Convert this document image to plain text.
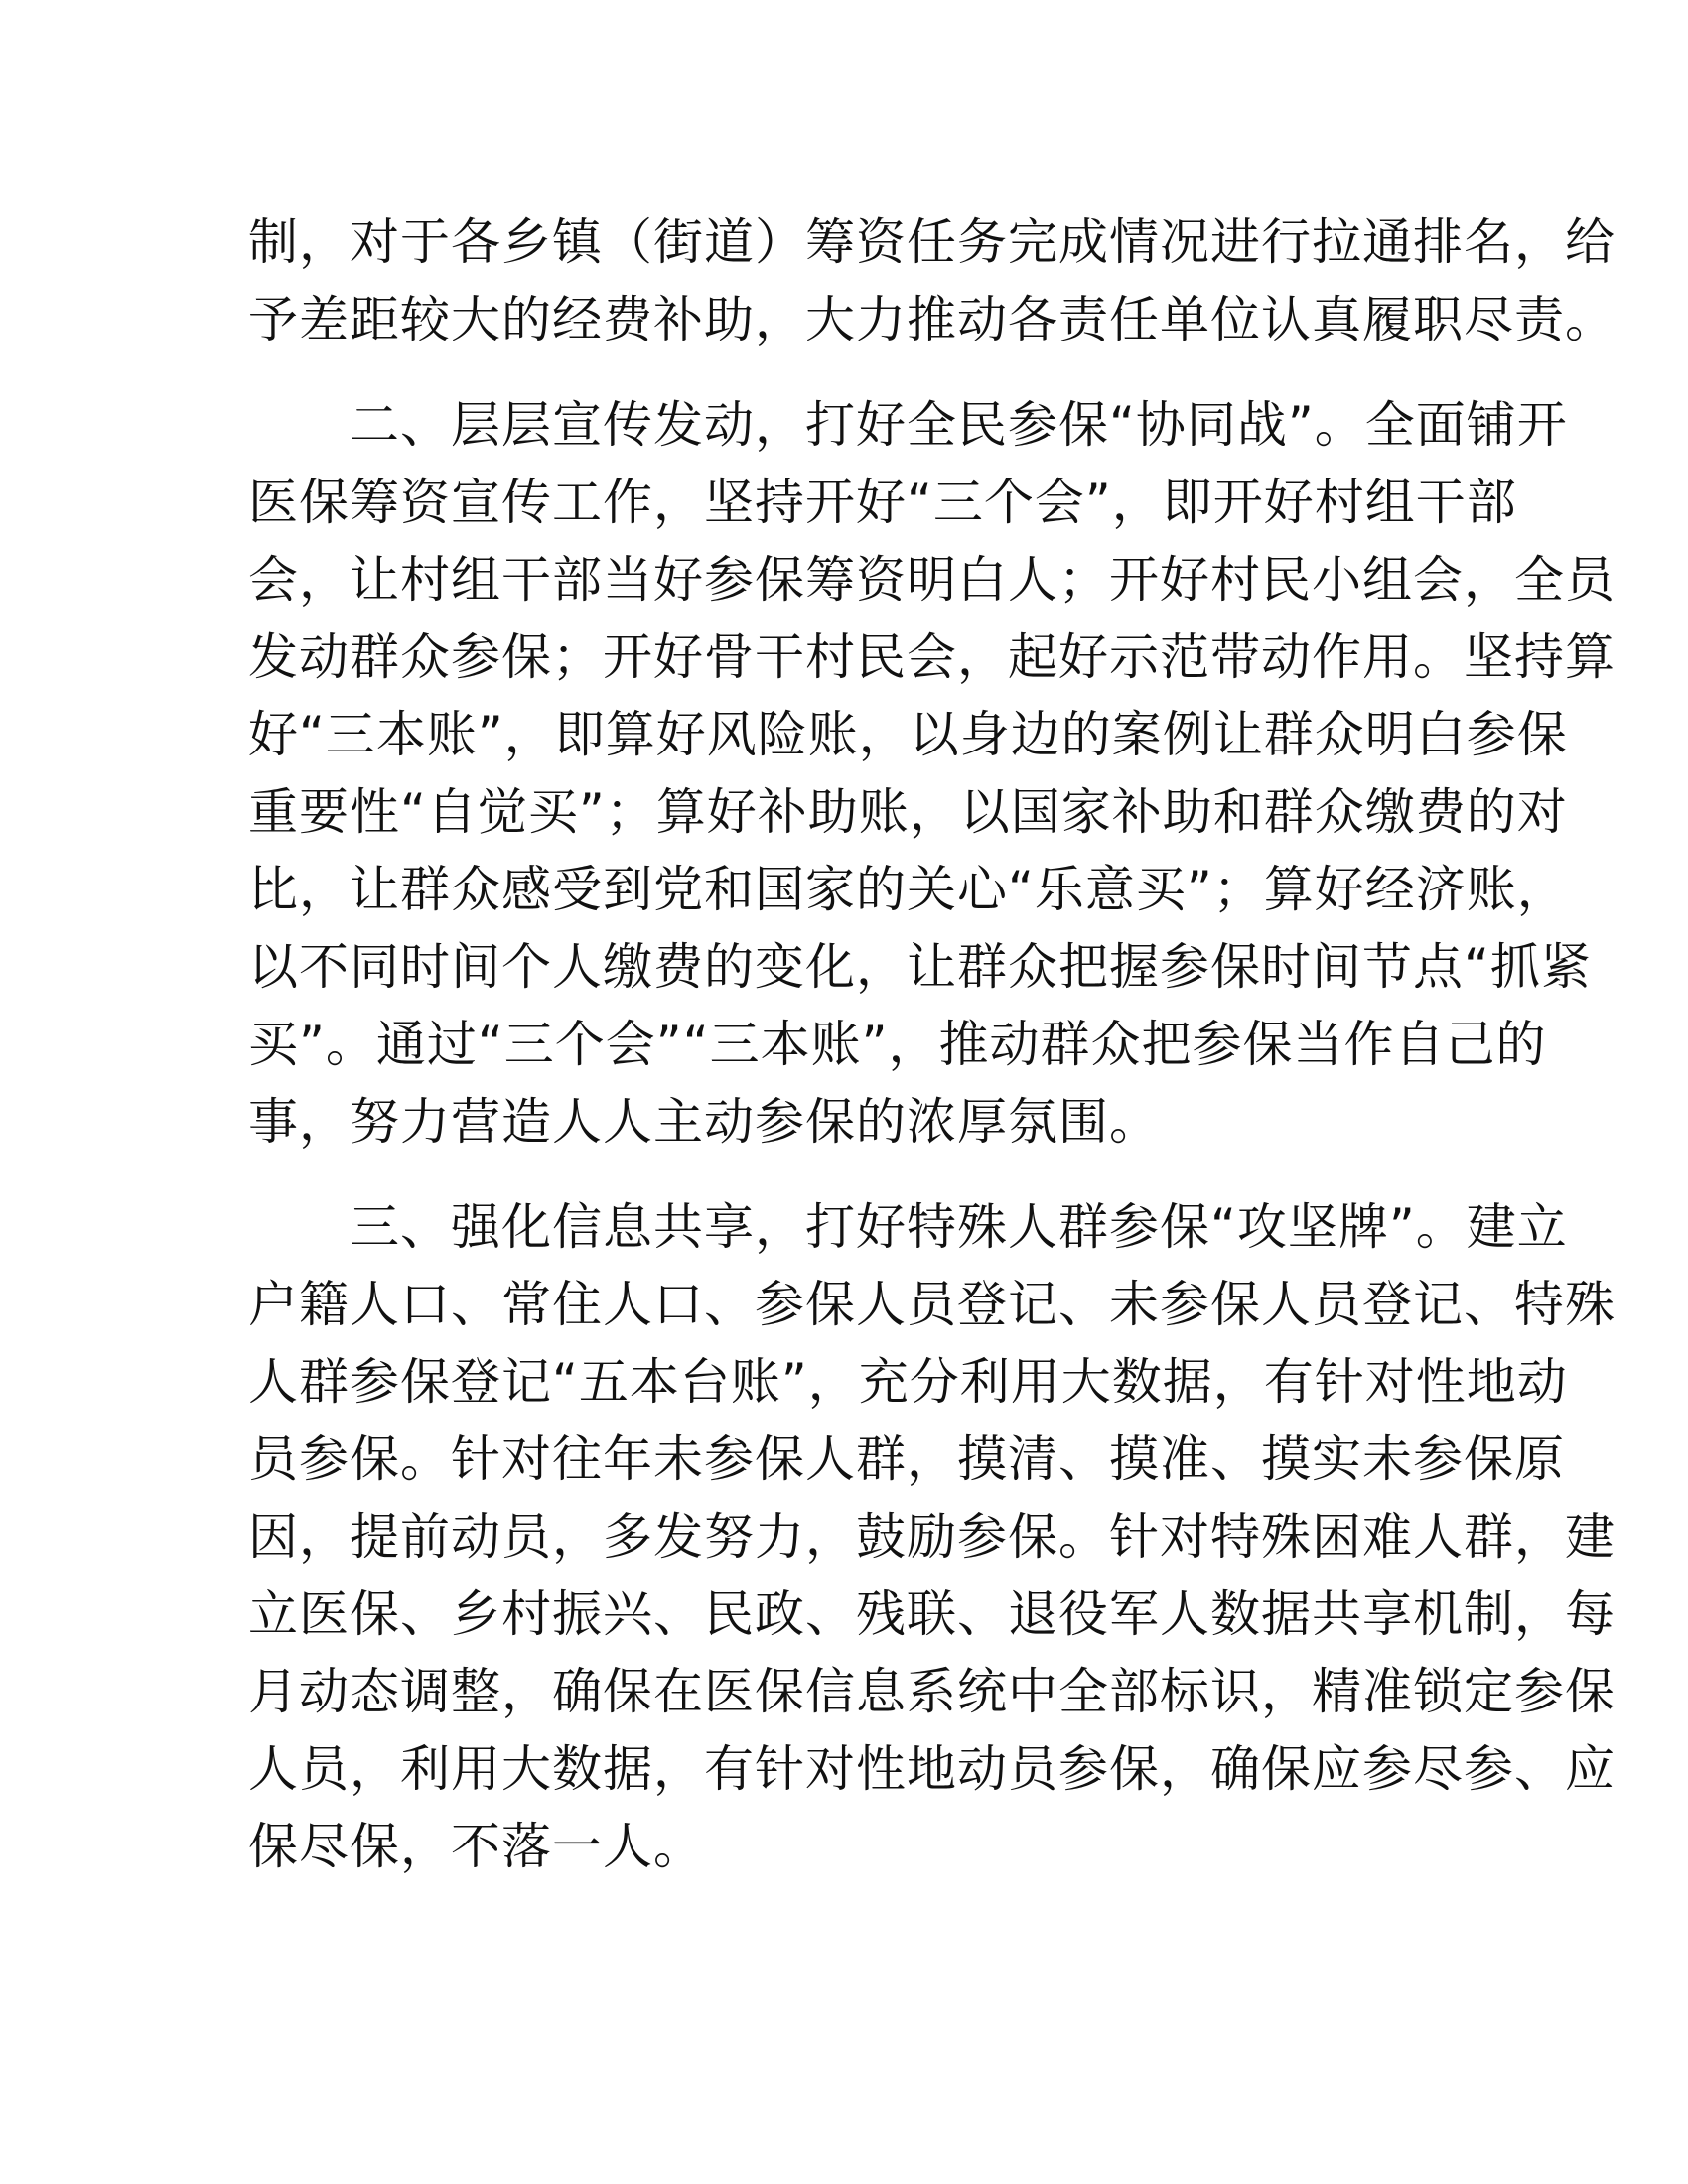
制，对于各乡镇（街道）筹资任务完成情况进行拉通排名，给
予差距较大的经费补助，大力推动各责任单位认真履职尽责。
　　二、层层宣传发动，打好全民参保“协同战”。全面铺开
医保筹资宣传工作，坚持开好“三个会”，即开好村组干部
会，让村组干部当好参保筹资明白人；开好村民小组会，全员
发动群众参保；开好骨干村民会，起好示范带动作用。坚持算
好“三本账”，即算好风险账，以身边的案例让群众明白参保
重要性“自觉买”；算好补助账，以国家补助和群众缴费的对
比，让群众感受到党和国家的关心“乐意买”；算好经济账，
以不同时间个人缴费的变化，让群众把握参保时间节点“抓紧
买”。通过“三个会”“三本账”，推动群众把参保当作自己的
事，努力营造人人主动参保的浓厚氛围。
　　三、强化信息共享，打好特殊人群参保“攻坚牌”。建立
户籍人口、常住人口、参保人员登记、未参保人员登记、特殊
人群参保登记“五本台账”，充分利用大数据，有针对性地动
员参保。针对往年未参保人群，摸清、摸准、摸实未参保原
因，提前动员，多发努力，鼓励参保。针对特殊困难人群，建
立医保、乡村振兴、民政、残联、退役军人数据共享机制，每
月动态调整，确保在医保信息系统中全部标识，精准锁定参保
人员，利用大数据，有针对性地动员参保，确保应参尽参、应
保尽保，不落一人。
